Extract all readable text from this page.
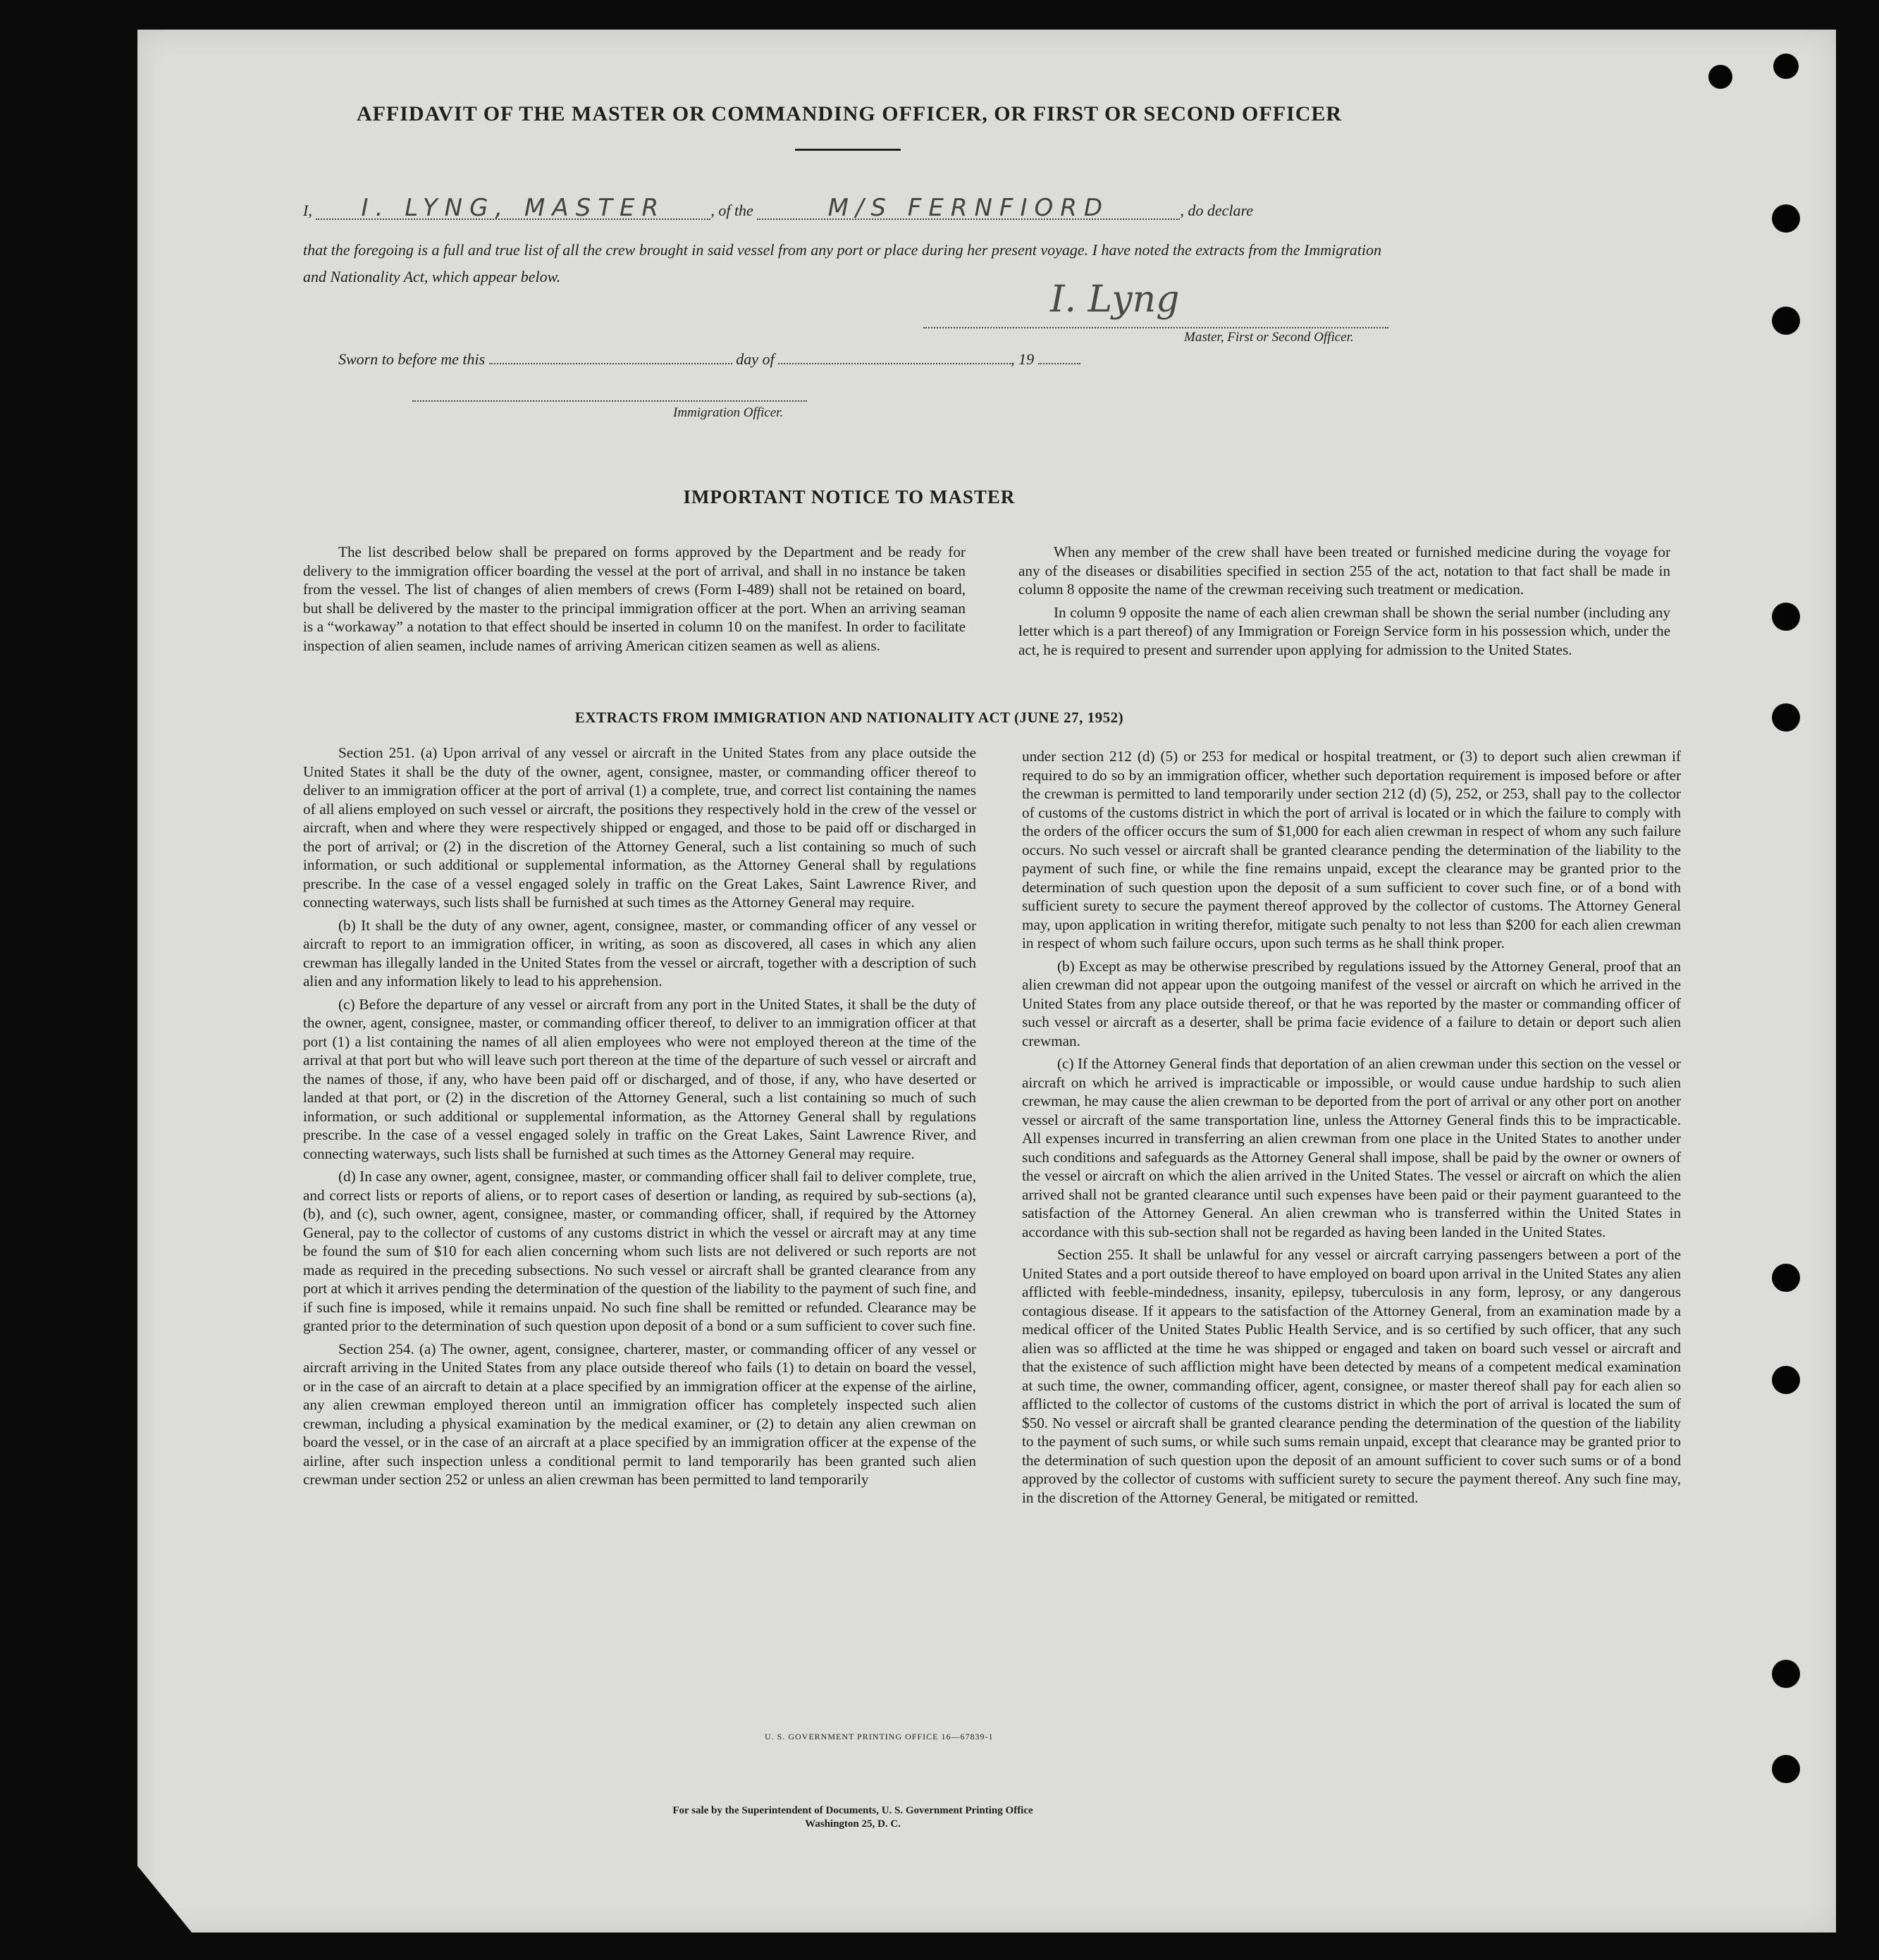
AFFIDAVIT OF THE MASTER OR COMMANDING OFFICER, OR FIRST OR SECOND OFFICER
I, I. LYNG, MASTER	, of the	M/S FERNFIORD	, do declare

that the foregoing is a full and true list of all the crew brought in said vessel from any port or place during her present voyage. I have noted the extracts from the Immigration and Nationality Act, which appear below.

I. Lyng
Master, First or Second Officer.
Sworn to before me this	day of	, 19
Immigration Officer.
IMPORTANT NOTICE TO MASTER

The list described below shall be prepared on forms approved by the Department and be ready for delivery to the immigration officer boarding the vessel at the port of arrival, and shall in no instance be taken from the vessel. The list of changes of alien members of crews (Form I-489) shall not be retained on board, but shall be delivered by the master to the principal immigration officer at the port. When an arriving seaman is a “workaway” a notation to that effect should be inserted in column 10 on the manifest. In order to facilitate inspection of alien seamen, include names of arriving American citizen seamen as well as aliens.

When any member of the crew shall have been treated or furnished medicine during the voyage for any of the diseases or disabilities specified in section 255 of the act, notation to that fact shall be made in column 8 opposite the name of the crewman receiving such treatment or medication.

In column 9 opposite the name of each alien crewman shall be shown the serial number (including any letter which is a part thereof) of any Immigration or Foreign Service form in his possession which, under the act, he is required to present and surrender upon applying for admission to the United States.

EXTRACTS FROM IMMIGRATION AND NATIONALITY ACT (JUNE 27, 1952)

Section 251. (a) Upon arrival of any vessel or aircraft in the United States from any place outside the United States it shall be the duty of the owner, agent, consignee, master, or commanding officer thereof to deliver to an immigration officer at the port of arrival (1) a complete, true, and correct list containing the names of all aliens employed on such vessel or aircraft, the positions they respectively hold in the crew of the vessel or aircraft, when and where they were respectively shipped or engaged, and those to be paid off or discharged in the port of arrival; or (2) in the discretion of the Attorney General, such a list containing so much of such information, or such additional or supplemental information, as the Attorney General shall by regulations prescribe. In the case of a vessel engaged solely in traffic on the Great Lakes, Saint Lawrence River, and connecting waterways, such lists shall be furnished at such times as the Attorney General may require.

(b) It shall be the duty of any owner, agent, consignee, master, or commanding officer of any vessel or aircraft to report to an immigration officer, in writing, as soon as discovered, all cases in which any alien crewman has illegally landed in the United States from the vessel or aircraft, together with a description of such alien and any information likely to lead to his apprehension.

(c) Before the departure of any vessel or aircraft from any port in the United States, it shall be the duty of the owner, agent, consignee, master, or commanding officer thereof, to deliver to an immigration officer at that port (1) a list containing the names of all alien employees who were not employed thereon at the time of the arrival at that port but who will leave such port thereon at the time of the departure of such vessel or aircraft and the names of those, if any, who have been paid off or discharged, and of those, if any, who have deserted or landed at that port, or (2) in the discretion of the Attorney General, such a list containing so much of such information, or such additional or supplemental information, as the Attorney General shall by regulations prescribe. In the case of a vessel engaged solely in traffic on the Great Lakes, Saint Lawrence River, and connecting waterways, such lists shall be furnished at such times as the Attorney General may require.

(d) In case any owner, agent, consignee, master, or commanding officer shall fail to deliver complete, true, and correct lists or reports of aliens, or to report cases of desertion or landing, as required by sub-sections (a), (b), and (c), such owner, agent, consignee, master, or commanding officer, shall, if required by the Attorney General, pay to the collector of customs of any customs district in which the vessel or aircraft may at any time be found the sum of $10 for each alien concerning whom such lists are not delivered or such reports are not made as required in the preceding subsections. No such vessel or aircraft shall be granted clearance from any port at which it arrives pending the determination of the question of the liability to the payment of such fine, and if such fine is imposed, while it remains unpaid. No such fine shall be remitted or refunded. Clearance may be granted prior to the determination of such question upon deposit of a bond or a sum sufficient to cover such fine.

Section 254. (a) The owner, agent, consignee, charterer, master, or commanding officer of any vessel or aircraft arriving in the United States from any place outside thereof who fails (1) to detain on board the vessel, or in the case of an aircraft to detain at a place specified by an immigration officer at the expense of the airline, any alien crewman employed thereon until an immigration officer has completely inspected such alien crewman, including a physical examination by the medical examiner, or (2) to detain any alien crewman on board the vessel, or in the case of an aircraft at a place specified by an immigration officer at the expense of the airline, after such inspection unless a conditional permit to land temporarily has been granted such alien crewman under section 252 or unless an alien crewman has been permitted to land temporarily

under section 212 (d) (5) or 253 for medical or hospital treatment, or (3) to deport such alien crewman if required to do so by an immigration officer, whether such deportation requirement is imposed before or after the crewman is permitted to land temporarily under section 212 (d) (5), 252, or 253, shall pay to the collector of customs of the customs district in which the port of arrival is located or in which the failure to comply with the orders of the officer occurs the sum of $1,000 for each alien crewman in respect of whom any such failure occurs. No such vessel or aircraft shall be granted clearance pending the determination of the liability to the payment of such fine, or while the fine remains unpaid, except the clearance may be granted prior to the determination of such question upon the deposit of a sum sufficient to cover such fine, or of a bond with sufficient surety to secure the payment thereof approved by the collector of customs. The Attorney General may, upon application in writing therefor, mitigate such penalty to not less than $200 for each alien crewman in respect of whom such failure occurs, upon such terms as he shall think proper.

(b) Except as may be otherwise prescribed by regulations issued by the Attorney General, proof that an alien crewman did not appear upon the outgoing manifest of the vessel or aircraft on which he arrived in the United States from any place outside thereof, or that he was reported by the master or commanding officer of such vessel or aircraft as a deserter, shall be prima facie evidence of a failure to detain or deport such alien crewman.

(c) If the Attorney General finds that deportation of an alien crewman under this section on the vessel or aircraft on which he arrived is impracticable or impossible, or would cause undue hardship to such alien crewman, he may cause the alien crewman to be deported from the port of arrival or any other port on another vessel or aircraft of the same transportation line, unless the Attorney General finds this to be impracticable. All expenses incurred in transferring an alien crewman from one place in the United States to another under such conditions and safeguards as the Attorney General shall impose, shall be paid by the owner or owners of the vessel or aircraft on which the alien arrived in the United States. The vessel or aircraft on which the alien arrived shall not be granted clearance until such expenses have been paid or their payment guaranteed to the satisfaction of the Attorney General. An alien crewman who is transferred within the United States in accordance with this sub-section shall not be regarded as having been landed in the United States.

Section 255. It shall be unlawful for any vessel or aircraft carrying passengers between a port of the United States and a port outside thereof to have employed on board upon arrival in the United States any alien afflicted with feeble-mindedness, insanity, epilepsy, tuberculosis in any form, leprosy, or any dangerous contagious disease. If it appears to the satisfaction of the Attorney General, from an examination made by a medical officer of the United States Public Health Service, and is so certified by such officer, that any such alien was so afflicted at the time he was shipped or engaged and taken on board such vessel or aircraft and that the existence of such affliction might have been detected by means of a competent medical examination at such time, the owner, commanding officer, agent, consignee, or master thereof shall pay for each alien so afflicted to the collector of customs of the customs district in which the port of arrival is located the sum of $50. No vessel or aircraft shall be granted clearance pending the determination of the question of the liability to the payment of such sums, or while such sums remain unpaid, except that clearance may be granted prior to the determination of such question upon the deposit of an amount sufficient to cover such sums or of a bond approved by the collector of customs with sufficient surety to secure the payment thereof. Any such fine may, in the discretion of the Attorney General, be mitigated or remitted.

U. S. GOVERNMENT PRINTING OFFICE 16—67839-1
For sale by the Superintendent of Documents, U. S. Government Printing Office
Washington 25, D. C.
